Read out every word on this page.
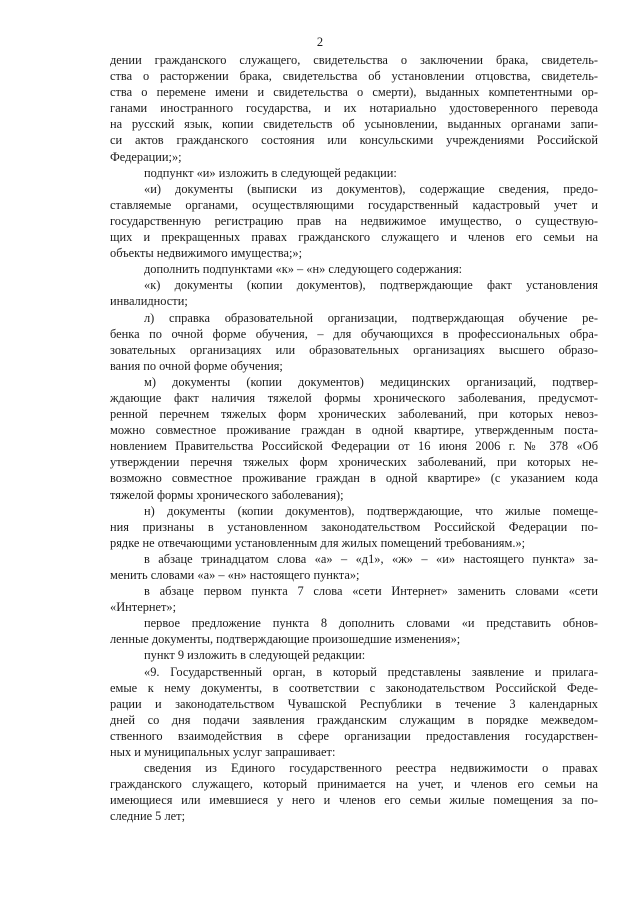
2
дении гражданского служащего, свидетельства о заключении брака, свидетель-
ства о расторжении брака, свидетельства об установлении отцовства, свидетель-
ства о перемене имени и свидетельства о смерти), выданных компетентными ор-
ганами иностранного государства, и их нотариально удостоверенного перевода
на русский язык, копии свидетельств об усыновлении, выданных органами запи-
си актов гражданского состояния или консульскими учреждениями Российской
Федерации;»;
подпункт «и» изложить в следующей редакции:
«и) документы (выписки из документов), содержащие сведения, предо-
ставляемые органами, осуществляющими государственный кадастровый учет и
государственную регистрацию прав на недвижимое имущество, о существую-
щих и прекращенных правах гражданского служащего и членов его семьи на
объекты недвижимого имущества;»;
дополнить подпунктами «к» – «н» следующего содержания:
«к) документы (копии документов), подтверждающие факт установления
инвалидности;
л) справка образовательной организации, подтверждающая обучение ре-
бенка по очной форме обучения, – для обучающихся в профессиональных обра-
зовательных организациях или образовательных организациях высшего образо-
вания по очной форме обучения;
м) документы (копии документов) медицинских организаций, подтвер-
ждающие факт наличия тяжелой формы хронического заболевания, предусмот-
ренной перечнем тяжелых форм хронических заболеваний, при которых невоз-
можно совместное проживание граждан в одной квартире, утвержденным поста-
новлением Правительства Российской Федерации от 16 июня 2006 г. № 378 «Об
утверждении перечня тяжелых форм хронических заболеваний, при которых не-
возможно совместное проживание граждан в одной квартире» (с указанием кода
тяжелой формы хронического заболевания);
н) документы (копии документов), подтверждающие, что жилые помеще-
ния признаны в установленном законодательством Российской Федерации по-
рядке не отвечающими установленным для жилых помещений требованиям.»;
в абзаце тринадцатом слова «а» – «д1», «ж» – «и» настоящего пункта» за-
менить словами «а» – «н» настоящего пункта»;
в абзаце первом пункта 7 слова «сети Интернет» заменить словами «сети
«Интернет»;
первое предложение пункта 8 дополнить словами «и представить обнов-
ленные документы, подтверждающие произошедшие изменения»;
пункт 9 изложить в следующей редакции:
«9. Государственный орган, в который представлены заявление и прилага-
емые к нему документы, в соответствии с законодательством Российской Феде-
рации и законодательством Чувашской Республики в течение 3 календарных
дней со дня подачи заявления гражданским служащим в порядке межведом-
ственного взаимодействия в сфере организации предоставления государствен-
ных и муниципальных услуг запрашивает:
сведения из Единого государственного реестра недвижимости о правах
гражданского служащего, который принимается на учет, и членов его семьи на
имеющиеся или имевшиеся у него и членов его семьи жилые помещения за по-
следние 5 лет;
